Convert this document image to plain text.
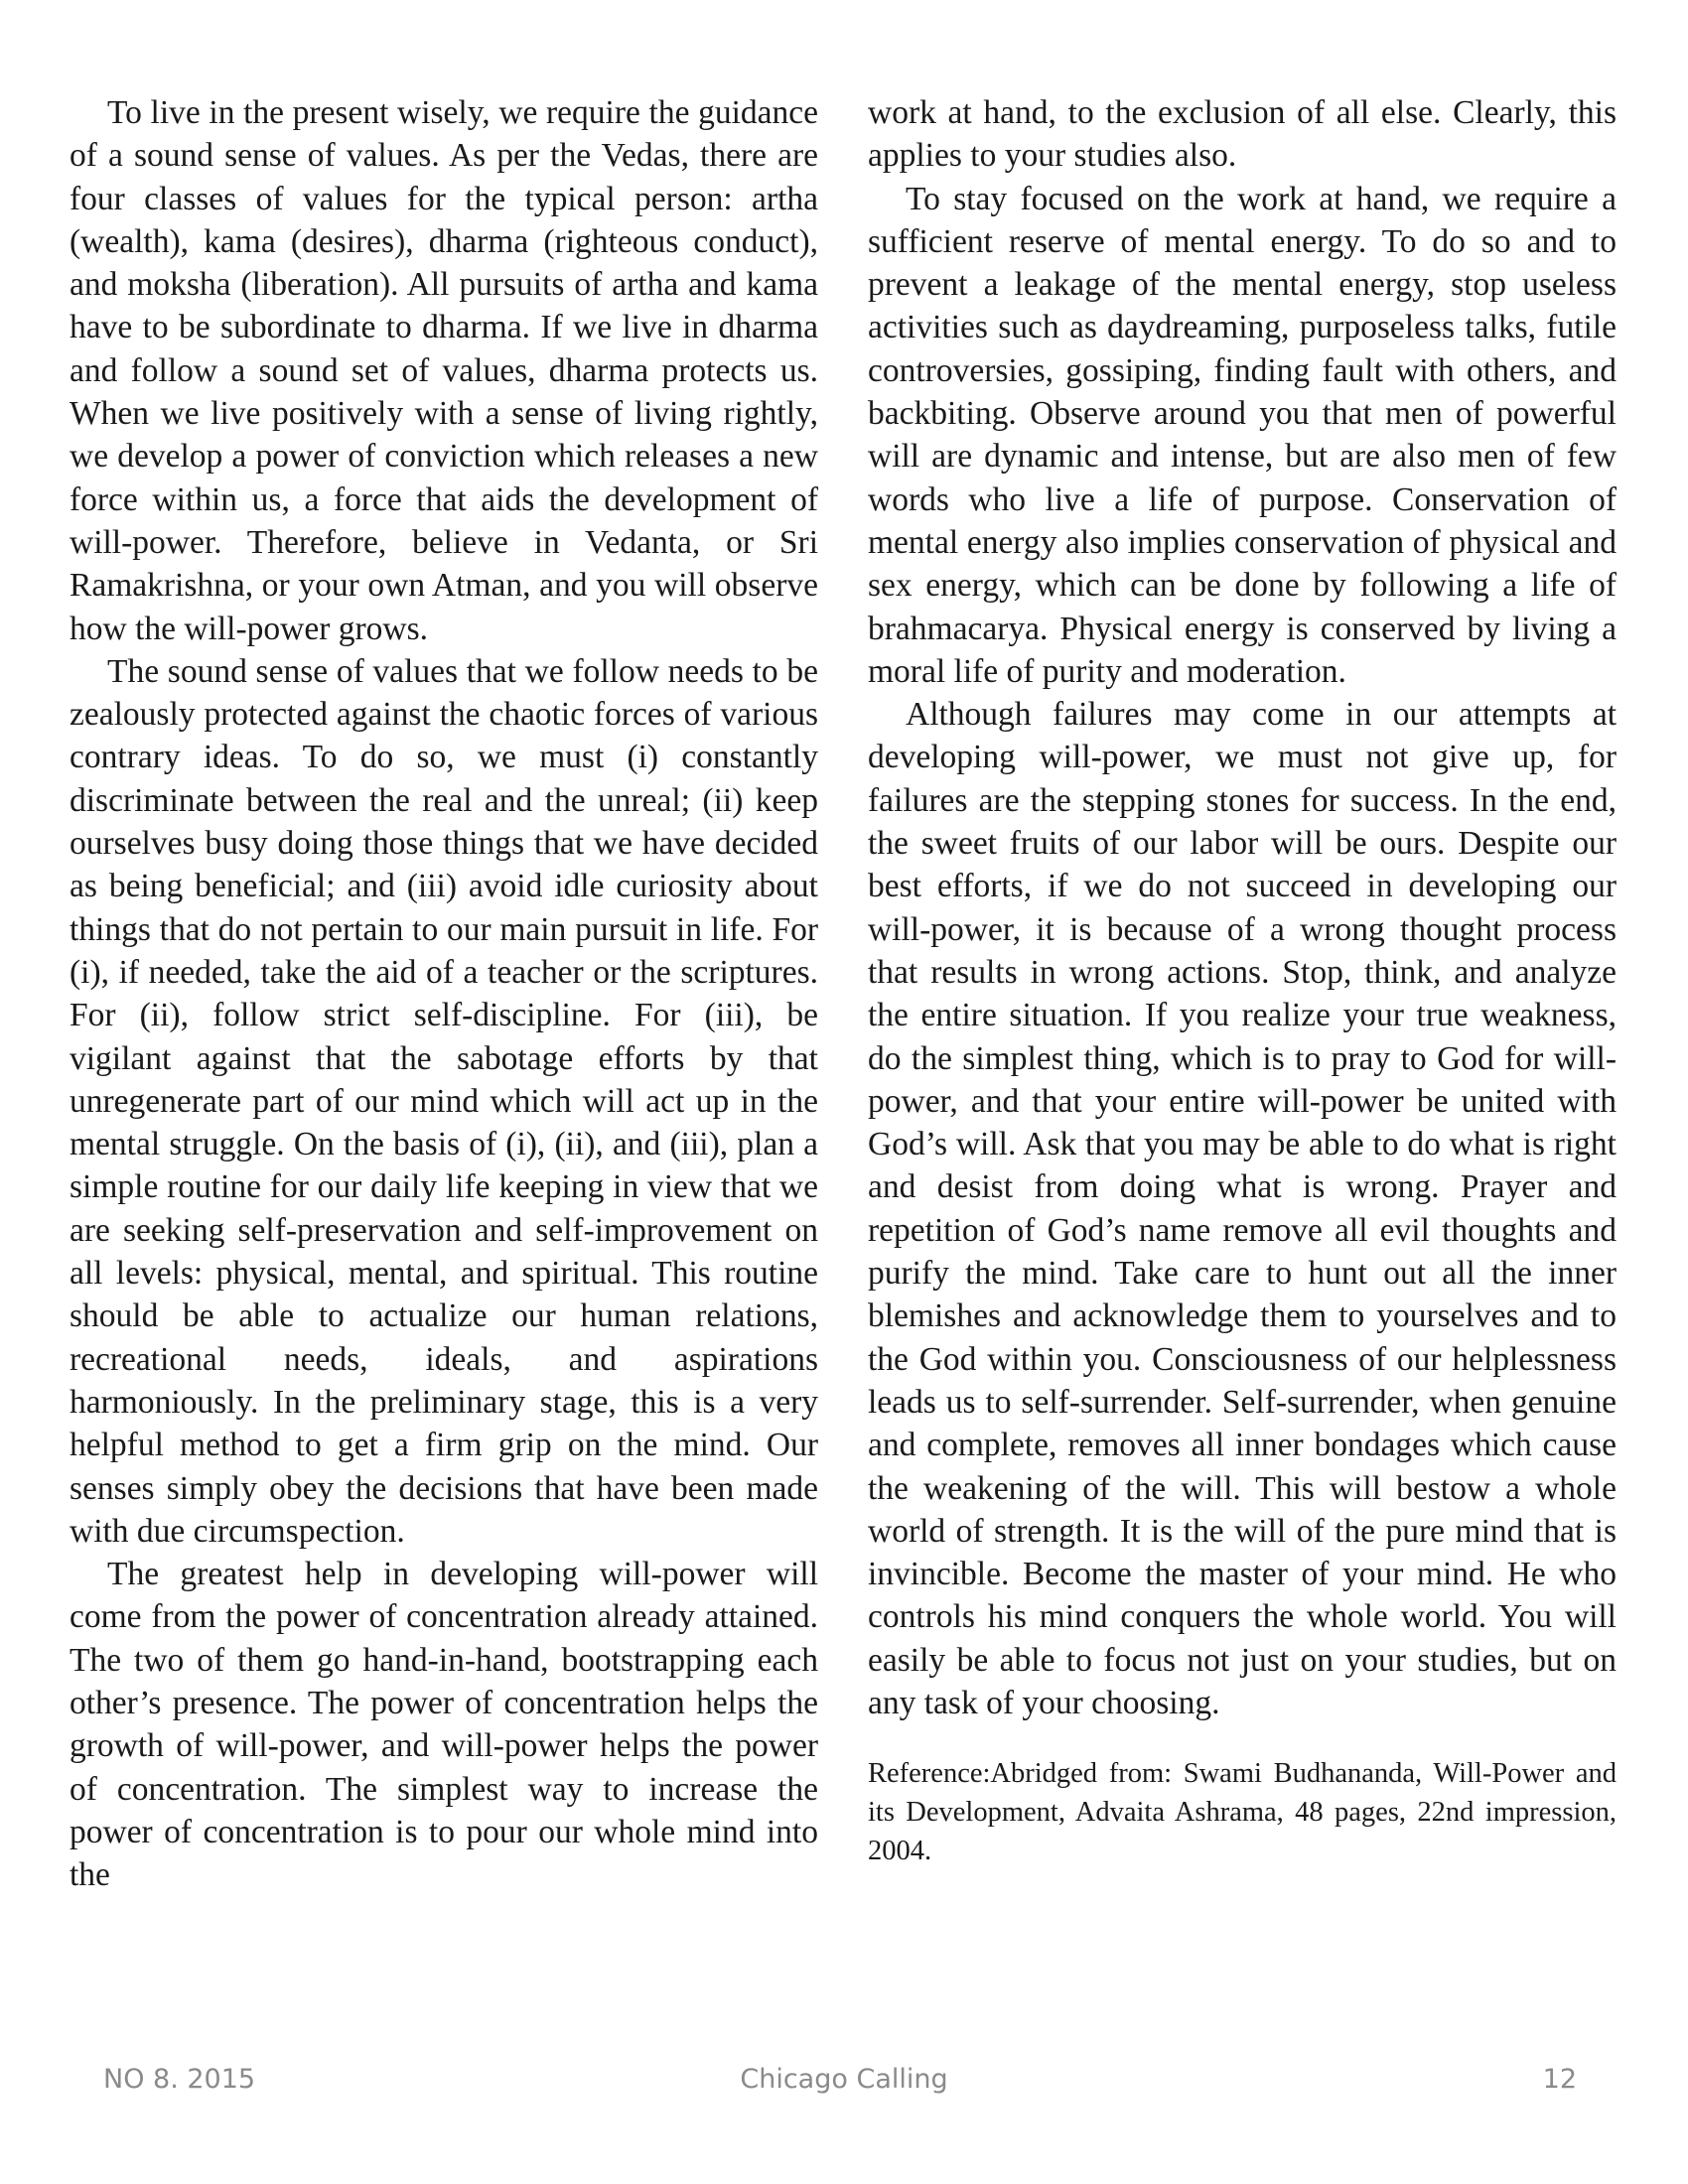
To live in the present wisely, we require the guidance of a sound sense of values. As per the Vedas, there are four classes of values for the typical person: artha (wealth), kama (desires), dharma (righteous conduct), and moksha (liberation). All pursuits of artha and kama have to be subordinate to dharma. If we live in dharma and follow a sound set of values, dharma protects us. When we live positively with a sense of living rightly, we develop a power of conviction which releases a new force within us, a force that aids the development of will-power. Therefore, believe in Vedanta, or Sri Ramakrishna, or your own Atman, and you will observe how the will-power grows.

The sound sense of values that we follow needs to be zealously protected against the chaotic forces of various contrary ideas. To do so, we must (i) constantly discriminate between the real and the unreal; (ii) keep ourselves busy doing those things that we have decided as being beneficial; and (iii) avoid idle curiosity about things that do not pertain to our main pursuit in life. For (i), if needed, take the aid of a teacher or the scriptures. For (ii), follow strict self-discipline. For (iii), be vigilant against that the sabotage efforts by that unregenerate part of our mind which will act up in the mental struggle. On the basis of (i), (ii), and (iii), plan a simple routine for our daily life keeping in view that we are seeking self-preservation and self-improvement on all levels: physical, mental, and spiritual. This routine should be able to actualize our human relations, recreational needs, ideals, and aspirations harmoniously. In the preliminary stage, this is a very helpful method to get a firm grip on the mind. Our senses simply obey the decisions that have been made with due circumspection.

The greatest help in developing will-power will come from the power of concentration already attained. The two of them go hand-in-hand, bootstrapping each other’s presence. The power of concentration helps the growth of will-power, and will-power helps the power of concentration. The simplest way to increase the power of concentration is to pour our whole mind into the

work at hand, to the exclusion of all else. Clearly, this applies to your studies also.

To stay focused on the work at hand, we require a sufficient reserve of mental energy. To do so and to prevent a leakage of the mental energy, stop useless activities such as daydreaming, purposeless talks, futile controversies, gossiping, finding fault with others, and backbiting. Observe around you that men of powerful will are dynamic and intense, but are also men of few words who live a life of purpose. Conservation of mental energy also implies conservation of physical and sex energy, which can be done by following a life of brahmacarya. Physical energy is conserved by living a moral life of purity and moderation.

Although failures may come in our attempts at developing will-power, we must not give up, for failures are the stepping stones for success. In the end, the sweet fruits of our labor will be ours. Despite our best efforts, if we do not succeed in developing our will-power, it is because of a wrong thought process that results in wrong actions. Stop, think, and analyze the entire situation. If you realize your true weakness, do the simplest thing, which is to pray to God for will-power, and that your entire will-power be united with God’s will. Ask that you may be able to do what is right and desist from doing what is wrong. Prayer and repetition of God’s name remove all evil thoughts and purify the mind. Take care to hunt out all the inner blemishes and acknowledge them to yourselves and to the God within you. Consciousness of our helplessness leads us to self-surrender. Self-surrender, when genuine and complete, removes all inner bondages which cause the weakening of the will. This will bestow a whole world of strength. It is the will of the pure mind that is invincible. Become the master of your mind. He who controls his mind conquers the whole world. You will easily be able to focus not just on your studies, but on any task of your choosing.

Reference:Abridged from: Swami Budhananda, Will-Power and its Development, Advaita Ashrama, 48 pages, 22nd impression, 2004.

Chicago Calling
NO 8. 2015	12
